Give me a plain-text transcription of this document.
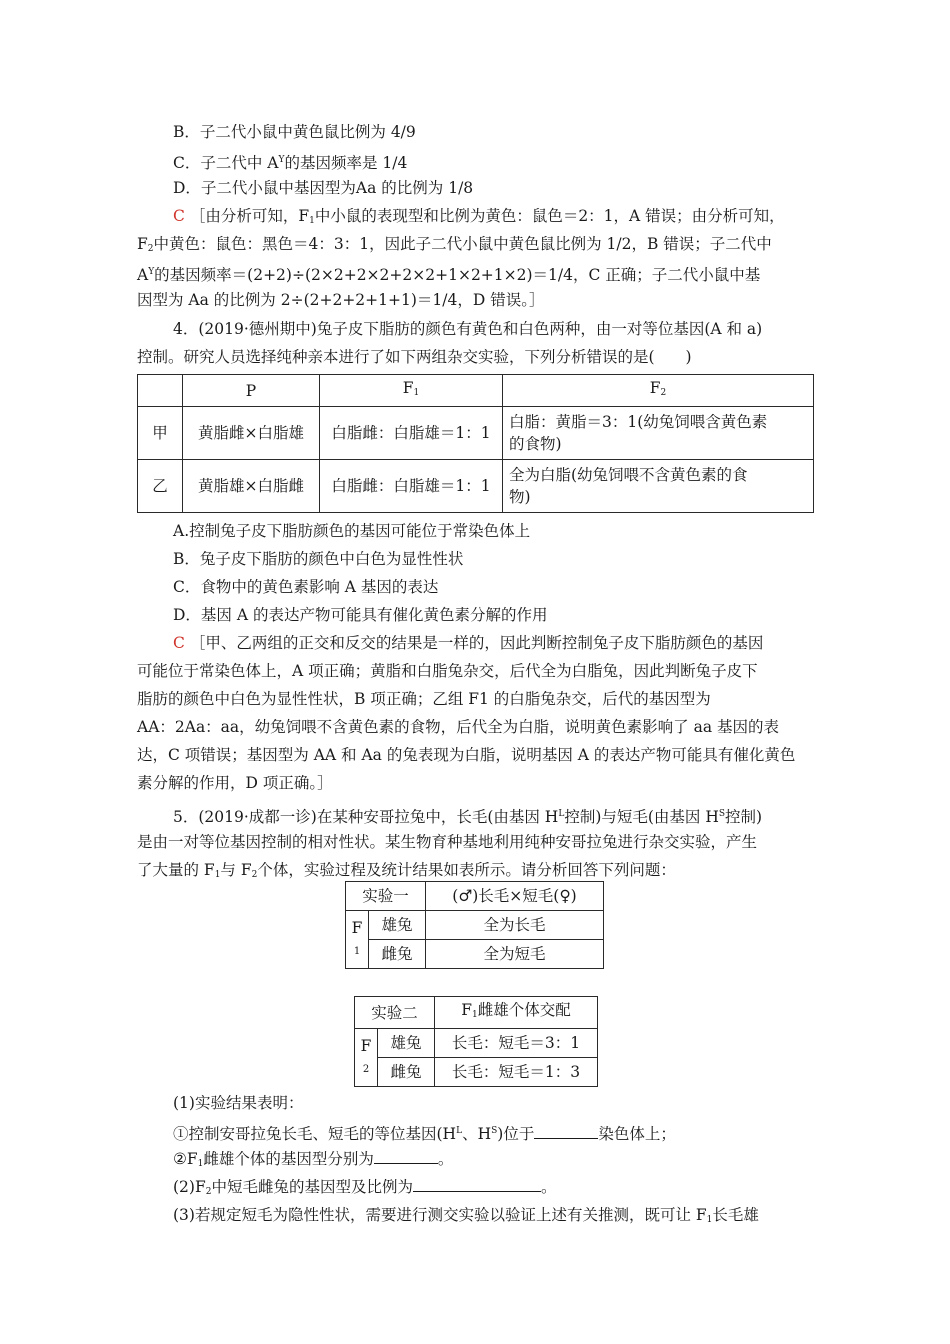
B．子二代小鼠中黄色鼠比例为 4/9
C．子二代中 $A^Y$的基因频率是 1/4
D．子二代小鼠中基因型为Aa 的比例为 1/8
C ［由分析可知，$F_1$中小鼠的表现型和比例为黄色：鼠色＝2：1，A 错误；由分析可知，
$F_2$中黄色：鼠色：黑色＝4：3：1，因此子二代小鼠中黄色鼠比例为 1/2，B 错误；子二代中
$A^Y$的基因频率＝(2+2)÷(2×2+2×2+2×2+1×2+1×2)＝1/4，C 正确；子二代小鼠中基
因型为 Aa 的比例为 2÷(2+2+2+1+1)＝1/4，D 错误。］
4．(2019·德州期中)兔子皮下脂肪的颜色有黄色和白色两种，由一对等位基因(A 和 a)
控制。研究人员选择纯种亲本进行了如下两组杂交实验，下列分析错误的是(　　)
	P	$F_1$	$F_2$
甲	黄脂雌×白脂雄	白脂雌：白脂雄＝1：1	白脂：黄脂＝3：1(幼兔饲喂含黄色素
的食物)

乙	黄脂雄×白脂雌	白脂雌：白脂雄＝1：1	全为白脂(幼兔饲喂不含黄色素的食
物)
A.控制兔子皮下脂肪颜色的基因可能位于常染色体上
B．兔子皮下脂肪的颜色中白色为显性性状
C．食物中的黄色素影响 A 基因的表达
D．基因 A 的表达产物可能具有催化黄色素分解的作用
C ［甲、乙两组的正交和反交的结果是一样的，因此判断控制兔子皮下脂肪颜色的基因
可能位于常染色体上，A 项正确；黄脂和白脂兔杂交，后代全为白脂兔，因此判断兔子皮下
脂肪的颜色中白色为显性性状，B 项正确；乙组 F1 的白脂兔杂交，后代的基因型为
AA：2Aa：aa，幼兔饲喂不含黄色素的食物，后代全为白脂，说明黄色素影响了 aa 基因的表
达，C 项错误；基因型为 AA 和 Aa 的兔表现为白脂，说明基因 A 的表达产物可能具有催化黄色
素分解的作用，D 项正确。］
5．(2019·成都一诊)在某种安哥拉兔中，长毛(由基因 $H^L$控制)与短毛(由基因 $H^S$控制)
是由一对等位基因控制的相对性状。某生物育种基地利用纯种安哥拉兔进行杂交实验，产生
了大量的 $F_1$与 $F_2$个体，实验过程及统计结果如表所示。请分析回答下列问题：
实验一		(♂)长毛×短毛(♀)

F
1	雄兔	全为长毛
	雌兔	全为短毛
实验二		$F_1$雌雄个体交配

F
2	雄兔	长毛：短毛＝3：1
	雌兔	长毛：短毛＝1：3
(1)实验结果表明：
①控制安哥拉兔长毛、短毛的等位基因($H^L$、$H^S$)位于	染色体上；
$②F_1$雌雄个体的基因型分别为	。
$(2)F_2$中短毛雌兔的基因型及比例为	。
(3)若规定短毛为隐性性状，需要进行测交实验以验证上述有关推测，既可让 $F_1$长毛雄
